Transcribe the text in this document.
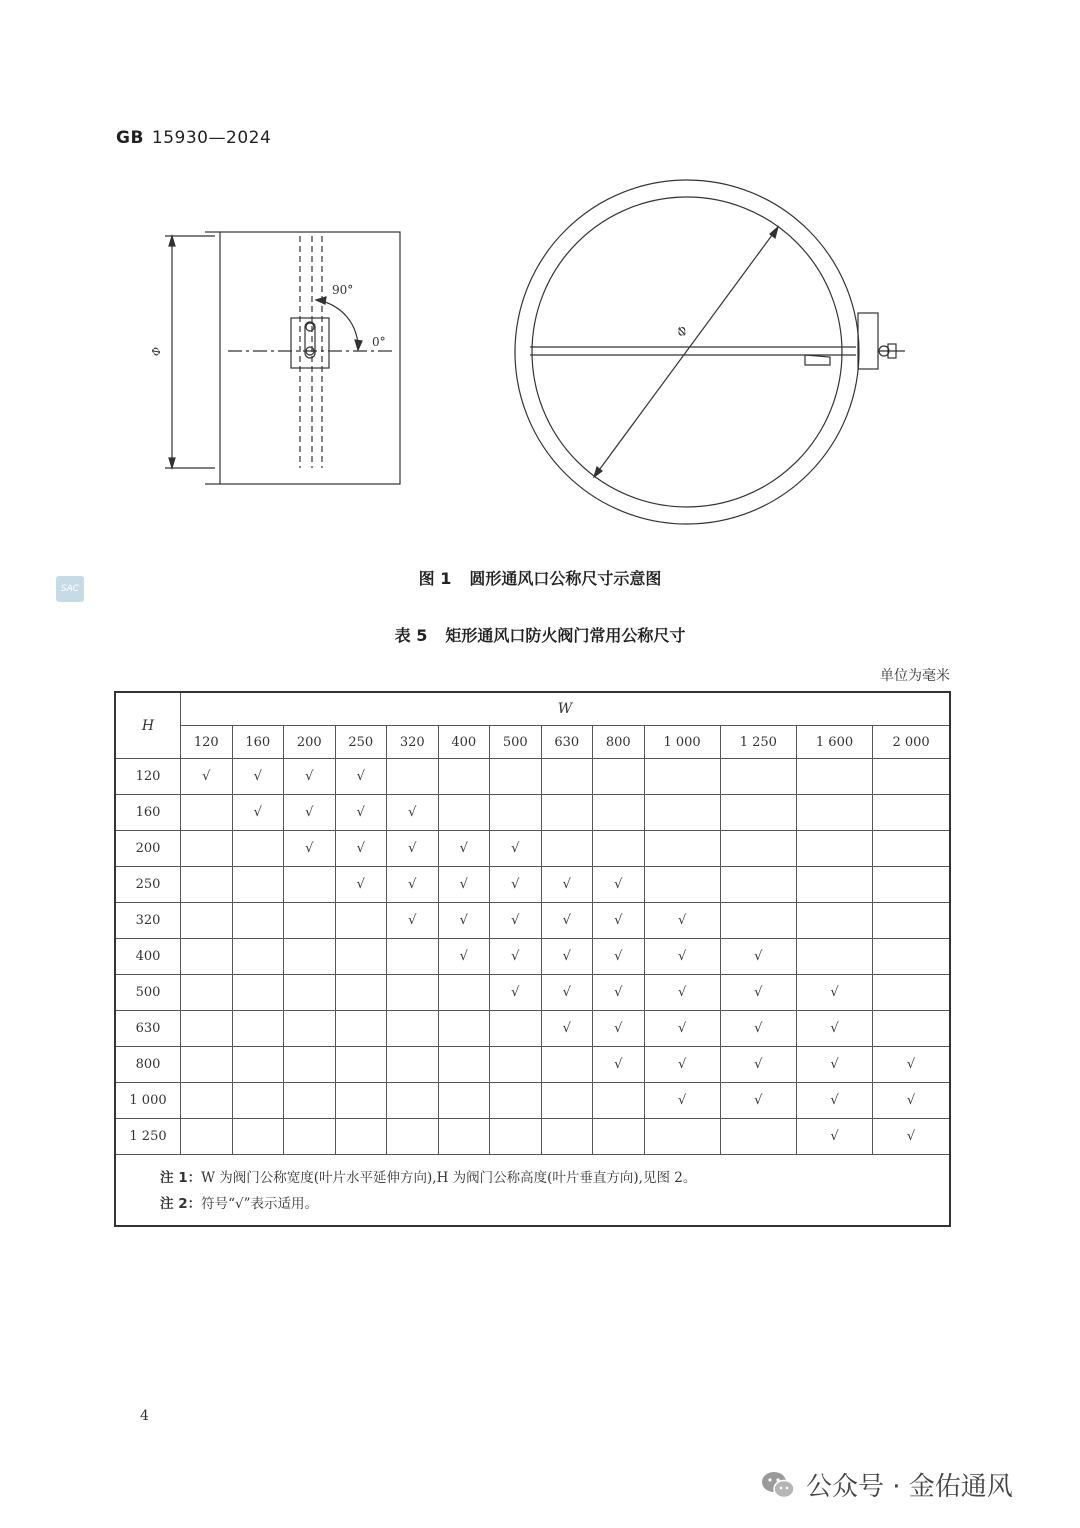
GB 15930—2024
Φ
90°
0°
Φ
SAC
图 1 圆形通风口公称尺寸示意图
表 5 矩形通风口防火阀门常用公称尺寸
单位为毫米
H	W												
	120	160	200	250	320	400	500	630	800	1 000	1 250	1 600	2 000
120	√	√	√	√									
160		√	√	√	√								
200			√	√	√	√	√						
250				√	√	√	√	√	√				
320					√	√	√	√	√	√			
400						√	√	√	√	√	√		
500							√	√	√	√	√	√	
630								√	√	√	√	√	
800									√	√	√	√	√
1 000										√	√	√	√
1 250												√	√

注 1：W 为阀门公称宽度(叶片水平延伸方向),H 为阀门公称高度(叶片垂直方向),见图 2。
注 2：符号“√”表示适用。													
4
公众号 · 金佑通风
